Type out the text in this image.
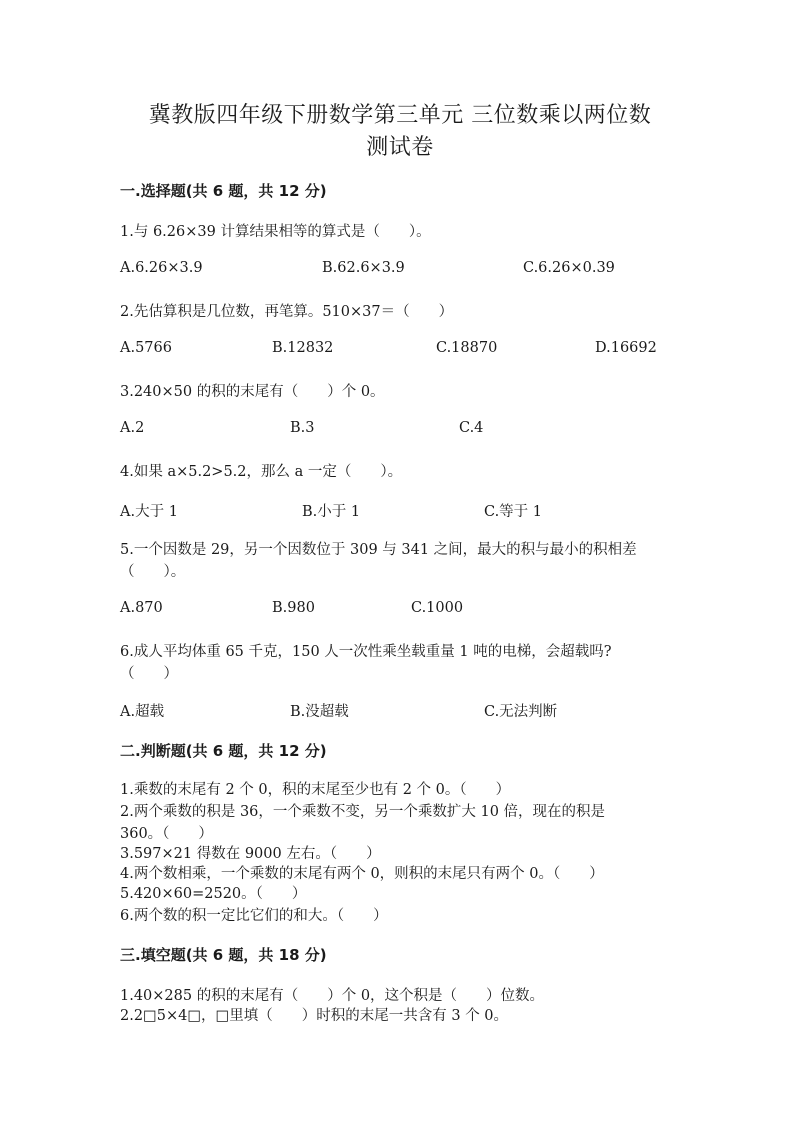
冀教版四年级下册数学第三单元 三位数乘以两位数
测试卷
一.选择题(共 6 题，共 12 分)
1.与 6.26×39 计算结果相等的算式是（　　）。
A.6.26×3.9	B.62.6×3.9	C.6.26×0.39
2.先估算积是几位数，再笔算。510×37＝（　　）
A.5766	B.12832	C.18870	D.16692
3.240×50 的积的末尾有（　　）个 0。
A.2	B.3	C.4
4.如果 a×5.2>5.2，那么 a 一定（　　）。
A.大于 1	B.小于 1	C.等于 1
5.一个因数是 29，另一个因数位于 309 与 341 之间，最大的积与最小的积相差
（　　）。
A.870	B.980	C.1000
6.成人平均体重 65 千克，150 人一次性乘坐载重量 1 吨的电梯，会超载吗?
（　　）
A.超载	B.没超载	C.无法判断
二.判断题(共 6 题，共 12 分)
1.乘数的末尾有 2 个 0，积的末尾至少也有 2 个 0。（　　）
2.两个乘数的积是 36，一个乘数不变，另一个乘数扩大 10 倍，现在的积是
360。（　　）
3.597×21 得数在 9000 左右。（　　）
4.两个数相乘，一个乘数的末尾有两个 0，则积的末尾只有两个 0。（　　）
5.420×60=2520。（　　）
6.两个数的积一定比它们的和大。（　　）
三.填空题(共 6 题，共 18 分)
1.40×285 的积的末尾有（　　）个 0，这个积是（　　）位数。
2.2□5×4□，□里填（　　）时积的末尾一共含有 3 个 0。
